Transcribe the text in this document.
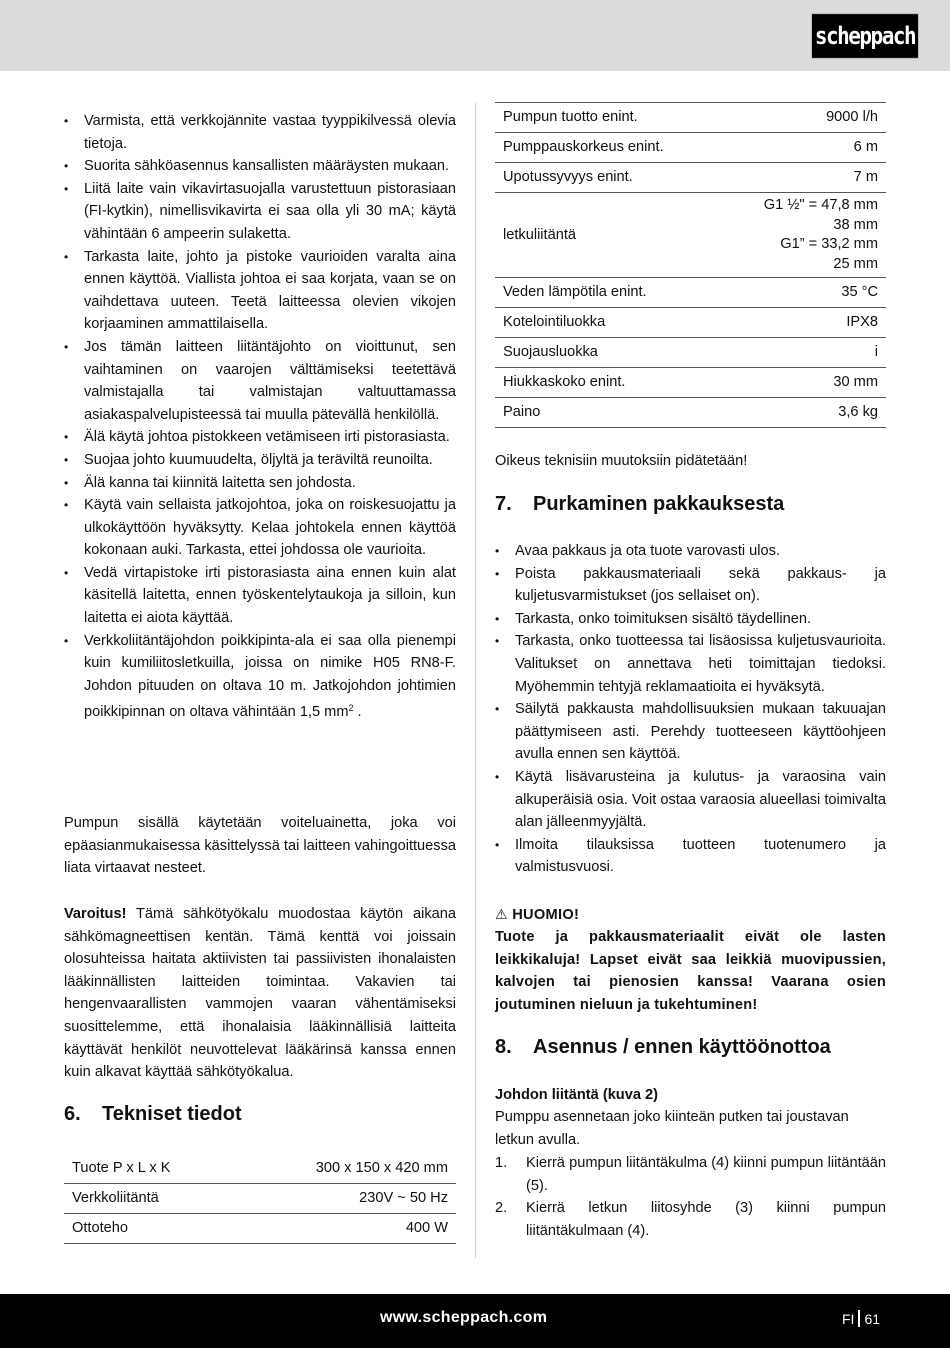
scheppach
• Varmista, että verkkojännite vastaa tyyppikilvessä olevia tietoja.
• Suorita sähköasennus kansallisten määräysten mukaan.
• Liitä laite vain vikavirtasuojalla varustettuun pistorasiaan (FI-kytkin), nimellisvikavirta ei saa olla yli 30 mA; käytä vähintään 6 ampeerin sulaketta.
• Tarkasta laite, johto ja pistoke vaurioiden varalta aina ennen käyttöä. Viallista johtoa ei saa korjata, vaan se on vaihdettava uuteen. Teetä laitteessa olevien vikojen korjaaminen ammattilaisella.
• Jos tämän laitteen liitäntäjohto on vioittunut, sen vaihtaminen on vaarojen välttämiseksi teetettävä valmistajalla tai valmistajan valtuuttamassa asiakaspalvelupisteessä tai muulla pätevällä henkilöllä.
• Älä käytä johtoa pistokkeen vetämiseen irti pistorasiasta.
• Suojaa johto kuumuudelta, öljyltä ja teräviltä reunoilta.
• Älä kanna tai kiinnitä laitetta sen johdosta.
• Käytä vain sellaista jatkojohtoa, joka on roiskesuojattu ja ulkokäyttöön hyväksytty. Kelaa johtokela ennen käyttöä kokonaan auki. Tarkasta, ettei johdossa ole vaurioita.
• Vedä virtapistoke irti pistorasiasta aina ennen kuin alat käsitellä laitetta, ennen työskentelytaukoja ja silloin, kun laitetta ei aiota käyttää.
• Verkkoliitäntäjohdon poikkipinta-ala ei saa olla pienempi kuin kumiliitosletkuilla, joissa on nimike H05 RN8-F. Johdon pituuden on oltava 10 m. Jatkojohdon johtimien poikkipinnan on oltava vähintään 1,5 $mm^2$ .

Pumpun sisällä käytetään voiteluainetta, joka voi epäasianmukaisessa käsittelyssä tai laitteen vahingoittuessa liata virtaavat nesteet.

Varoitus! Tämä sähkötyökalu muodostaa käytön aikana sähkömagneettisen kentän. Tämä kenttä voi joissain olosuhteissa haitata aktiivisten tai passiivisten ihonalaisten lääkinnällisten laitteiden toimintaa. Vakavien tai hengenvaarallisten vammojen vaaran vähentämiseksi suosittelemme, että ihonalaisia lääkinnällisiä laitteita käyttävät henkilöt neuvottelevat lääkärinsä kanssa ennen kuin alkavat käyttää sähkötyökalua.

6.	Tekniset tiedot
Tuote P x L x K	300 x 150 x 420 mm
Verkkoliitäntä	230V ~ 50 Hz
Ottoteho	400 W
Pumpun tuotto enint.	9000 l/h
Pumppauskorkeus enint.	6 m
Upotussyvyys enint.	7 m
letkuliitäntä	G1 ½" = 47,8 mm
38 mm
G1” = 33,2 mm
25 mm

Veden lämpötila enint.	35 °C
Kotelointiluokka	IPX8
Suojausluokka	i
Hiukkaskoko enint.	30 mm
Paino	3,6 kg

Oikeus teknisiin muutoksiin pidätetään!

7.	Purkaminen pakkauksesta
• Avaa pakkaus ja ota tuote varovasti ulos.
• Poista pakkausmateriaali sekä pakkaus- ja kuljetusvarmistukset (jos sellaiset on).
• Tarkasta, onko toimituksen sisältö täydellinen.
• Tarkasta, onko tuotteessa tai lisäosissa kuljetusvaurioita. Valitukset on annettava heti toimittajan tiedoksi. Myöhemmin tehtyjä reklamaatioita ei hyväksytä.
• Säilytä pakkausta mahdollisuuksien mukaan takuuajan päättymiseen asti. Perehdy tuotteeseen käyttöohjeen avulla ennen sen käyttöä.
• Käytä lisävarusteina ja kulutus- ja varaosina vain alkuperäisiä osia. Voit ostaa varaosia alueellasi toimivalta alan jälleenmyyjältä.
• Ilmoita tilauksissa tuotteen tuotenumero ja valmistusvuosi.
⚠ HUOMIO!

Tuote ja pakkausmateriaalit eivät ole lasten leikkikaluja! Lapset eivät saa leikkiä muovipussien, kalvojen tai pienosien kanssa! Vaarana osien joutuminen nieluun ja tukehtuminen!

8.	Asennus / ennen käyttöönottoa

Johdon liitäntä (kuva 2)

Pumppu asennetaan joko kiinteän putken tai joustavan letkun avulla.

1. Kierrä pumpun liitäntäkulma (4) kiinni pumpun liitäntään (5).
2. Kierrä letkun liitosyhde (3) kiinni pumpun liitäntäkulmaan (4).
www.scheppach.com	FI 61
